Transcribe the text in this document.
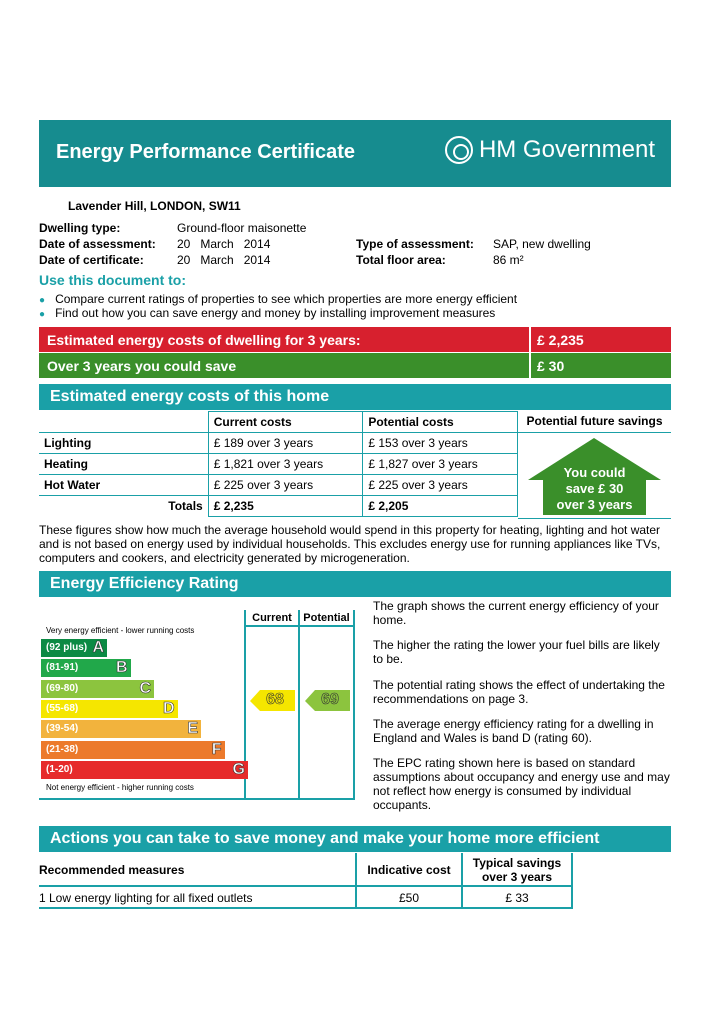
Energy Performance Certificate	HM Government
Lavender Hill, LONDON, SW11
Dwelling type:	Ground-floor maisonette
Date of assessment: 20   March   2014
Date of certificate:	20   March   2014
Type of assessment: SAP, new dwelling
Total floor area:	86 m²
Use this document to:
● Compare current ratings of properties to see which properties are more energy efficient
● Find out how you can save energy and money by installing improvement measures
Estimated energy costs of dwelling for 3 years:	£ 2,235
Over 3 years you could save	£ 30
Estimated energy costs of this home
	Current costs	Potential costs
Lighting	£ 189 over 3 years	£ 153 over 3 years
Heating	£ 1,821 over 3 years	£ 1,827 over 3 years
Hot Water	£ 225 over 3 years	£ 225 over 3 years
Totals	£ 2,235	£ 2,205
Potential future savings
You could
save £ 30
over 3 years
These figures show how much the average household would spend in this property for heating, lighting and hot water and is not based on energy used by individual households. This excludes energy use for running appliances like TVs, computers and cookers, and electricity generated by microgeneration.
Energy Efficiency Rating
Current	Potential
Very energy efficient - lower running costs
Not energy efficient - higher running costs
(92 plus) A
(81-91) B
(69-80)	C
(55-68)	D
(39-54)	E
(21-38)	F
(1-20)	G
68	69
The graph shows the current energy efficiency of your home.
The higher the rating the lower your fuel bills are likely to be.
The potential rating shows the effect of undertaking the recommendations on page 3.
The average energy efficiency rating for a dwelling in England and Wales is band D (rating 60).
The EPC rating shown here is based on standard assumptions about occupancy and energy use and may not reflect how energy is consumed by individual occupants.
Actions you can take to save money and make your home more efficient
Recommended measures	Indicative cost	Typical savings
over 3 years
1 Low energy lighting for all fixed outlets	£50	£ 33
